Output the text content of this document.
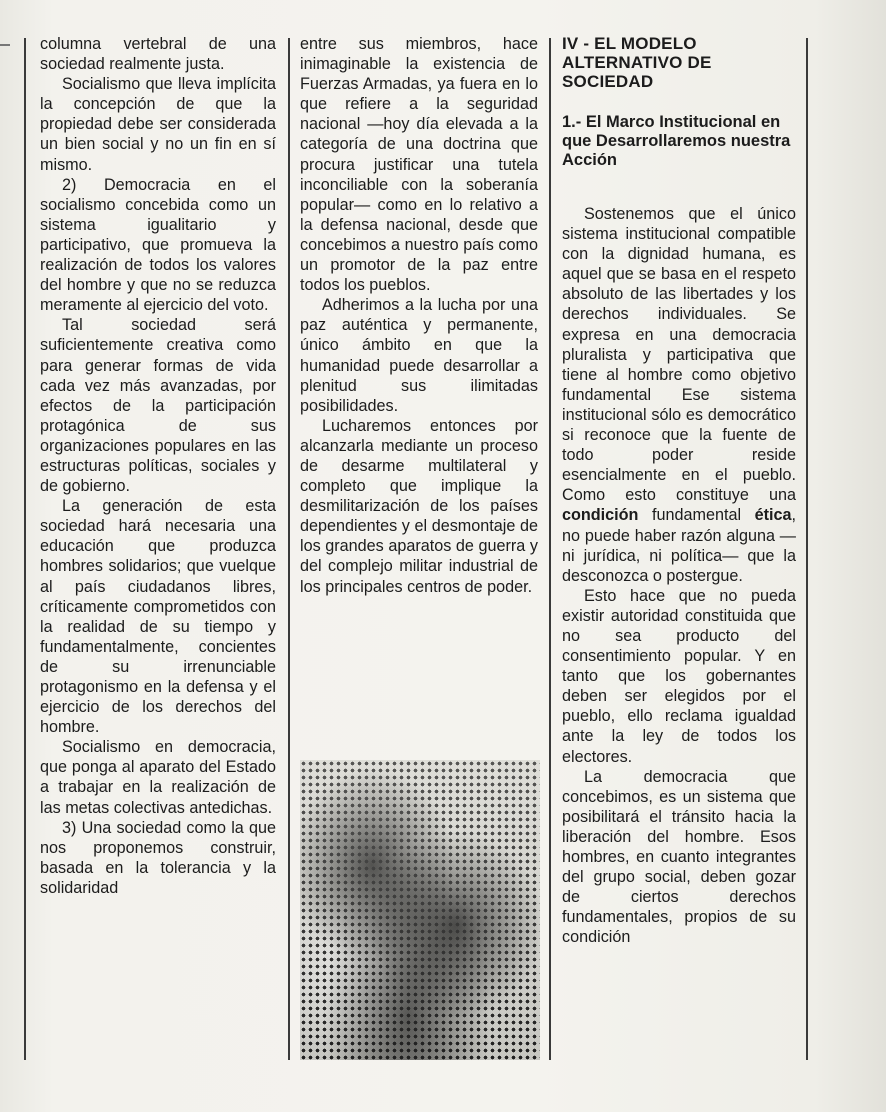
columna vertebral de una sociedad realmente justa.

Socialismo que lleva implícita la concepción de que la propiedad debe ser considerada un bien social y no un fin en sí mismo.

2) Democracia en el socialismo concebida como un sistema igualitario y participativo, que promueva la realización de todos los valores del hombre y que no se reduzca meramente al ejercicio del voto.

Tal sociedad será suficientemente creativa como para generar formas de vida cada vez más avanzadas, por efectos de la participación protagónica de sus organizaciones populares en las estructuras políticas, sociales y de gobierno.

La generación de esta sociedad hará necesaria una educación que produzca hombres solidarios; que vuelque al país ciudadanos libres, críticamente comprometidos con la realidad de su tiempo y fundamentalmente, concientes de su irrenunciable protagonismo en la defensa y el ejercicio de los derechos del hombre.

Socialismo en democracia, que ponga al aparato del Estado a trabajar en la realización de las metas colectivas antedichas.

3) Una sociedad como la que nos proponemos construir, basada en la tolerancia y la solidaridad

entre sus miembros, hace inimaginable la existencia de Fuerzas Armadas, ya fuera en lo que refiere a la seguridad nacional —hoy día elevada a la categoría de una doctrina que procura justificar una tutela inconciliable con la soberanía popular— como en lo relativo a la defensa nacional, desde que concebimos a nuestro país como un promotor de la paz entre todos los pueblos.

Adherimos a la lucha por una paz auténtica y permanente, único ámbito en que la humanidad puede desarrollar a plenitud sus ilimitadas posibilidades.

Lucharemos entonces por alcanzarla mediante un proceso de desarme multilateral y completo que implique la desmilitarización de los países dependientes y el desmontaje de los grandes aparatos de guerra y del complejo militar industrial de los principales centros de poder.

IV - EL MODELO ALTERNATIVO DE SOCIEDAD
1.- El Marco Institucional en que Desarrollaremos nuestra Acción

Sostenemos que el único sistema institucional compatible con la dignidad humana, es aquel que se basa en el respeto absoluto de las libertades y los derechos individuales. Se expresa en una democracia pluralista y participativa que tiene al hombre como objetivo fundamental Ese sistema institucional sólo es democrático si reconoce que la fuente de todo poder reside esencialmente en el pueblo. Como esto constituye una condición fundamental ética, no puede haber razón alguna —ni jurídica, ni política— que la desconozca o postergue.

Esto hace que no pueda existir autoridad constituida que no sea producto del consentimiento popular. Y en tanto que los gobernantes deben ser elegidos por el pueblo, ello reclama igualdad ante la ley de todos los electores.

La democracia que concebimos, es un sistema que posibilitará el tránsito hacia la liberación del hombre. Esos hombres, en cuanto integrantes del grupo social, deben gozar de ciertos derechos fundamentales, propios de su condición
